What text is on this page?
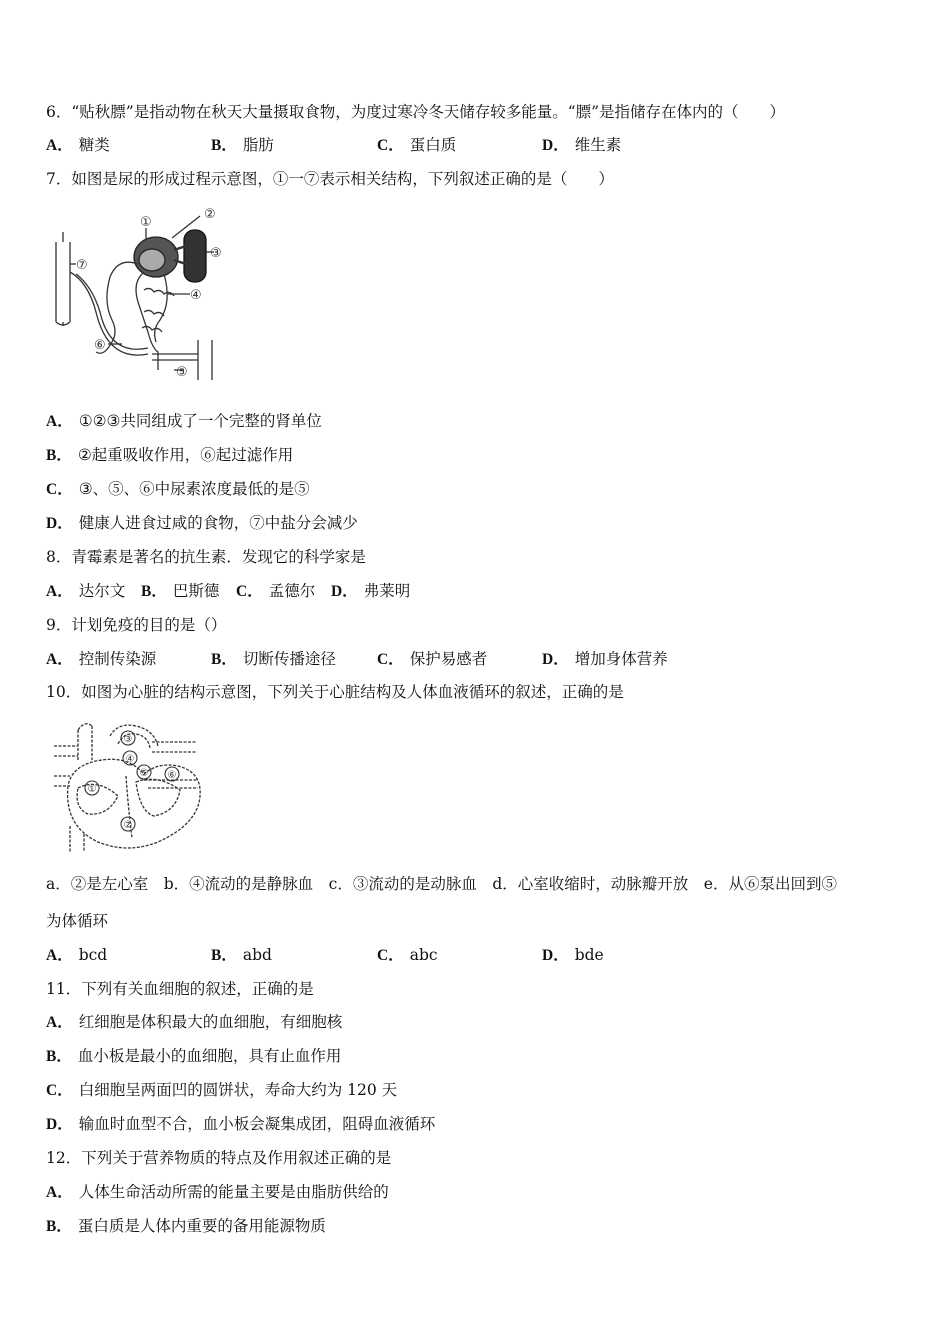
6．“贴秋膘”是指动物在秋天大量摄取食物，为度过寒冷冬天储存较多能量。“膘”是指储存在体内的（　　）
A． 糖类	B． 脂肪	C． 蛋白质	D． 维生素
7．如图是尿的形成过程示意图，①一⑦表示相关结构，下列叙述正确的是（　　）
①
②
③
④
⑤
⑥
⑦
A． ①②③共同组成了一个完整的肾单位
B． ②起重吸收作用，⑥起过滤作用
C． ③、⑤、⑥中尿素浓度最低的是⑤
D． 健康人进食过咸的食物，⑦中盐分会减少
8．青霉素是著名的抗生素．发现它的科学家是
A． 达尔文 B． 巴斯德 C． 孟德尔 D． 弗莱明
9．计划免疫的目的是（）
A． 控制传染源	B． 切断传播途径	C． 保护易感者	D． 增加身体营养
10．如图为心脏的结构示意图，下列关于心脏结构及人体血液循环的叙述，正确的是
①
②
③
④
⑤ ⑥
a．②是左心室　b．④流动的是静脉血　c．③流动的是动脉血　d．心室收缩时，动脉瓣开放　e．从⑥泵出回到⑤
为体循环
A． bcd	B． abd	C． abc	D． bde
11．下列有关血细胞的叙述，正确的是
A． 红细胞是体积最大的血细胞，有细胞核
B． 血小板是最小的血细胞，具有止血作用
C． 白细胞呈两面凹的圆饼状，寿命大约为 120 天
D． 输血时血型不合，血小板会凝集成团，阻碍血液循环
12．下列关于营养物质的特点及作用叙述正确的是
A． 人体生命活动所需的能量主要是由脂肪供给的
B． 蛋白质是人体内重要的备用能源物质
